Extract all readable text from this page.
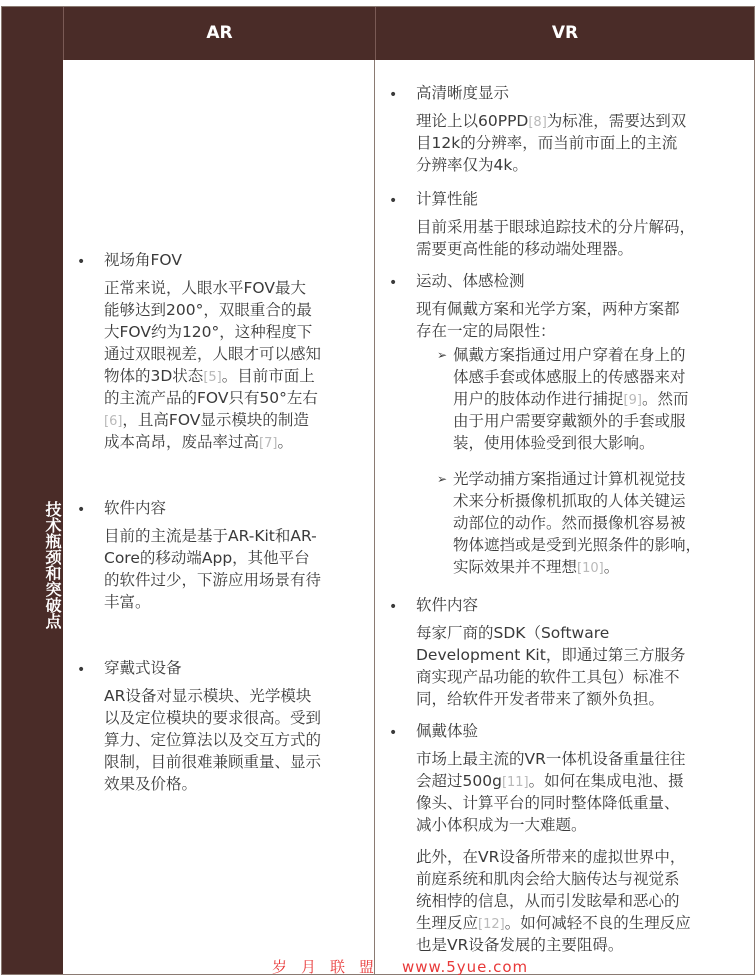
AR	VR
技术瓶颈和突破点
• 视场角FOV
正常来说，人眼水平FOV最大
能够达到200°，双眼重合的最
大FOV约为120°，这种程度下
通过双眼视差，人眼才可以感知
物体的3D状态[5]。目前市面上
的主流产品的FOV只有50°左右
[6]，且高FOV显示模块的制造
成本高昂，废品率过高[7]。
• 软件内容
目前的主流是基于AR-Kit和AR-
Core的移动端App，其他平台
的软件过少，下游应用场景有待
丰富。
• 穿戴式设备
AR设备对显示模块、光学模块
以及定位模块的要求很高。受到
算力、定位算法以及交互方式的
限制，目前很难兼顾重量、显示
效果及价格。
• 高清晰度显示
理论上以60PPD[8]为标准，需要达到双
目12k的分辨率，而当前市面上的主流
分辨率仅为4k。
• 计算性能
目前采用基于眼球追踪技术的分片解码，
需要更高性能的移动端处理器。
• 运动、体感检测
现有佩戴方案和光学方案，两种方案都
存在一定的局限性：
➢ 佩戴方案指通过用户穿着在身上的
体感手套或体感服上的传感器来对
用户的肢体动作进行捕捉[9]。然而
由于用户需要穿戴额外的手套或服
装，使用体验受到很大影响。
➢ 光学动捕方案指通过计算机视觉技
术来分析摄像机抓取的人体关键运
动部位的动作。然而摄像机容易被
物体遮挡或是受到光照条件的影响，
实际效果并不理想[10]。
• 软件内容
每家厂商的SDK（Software
Development Kit，即通过第三方服务
商实现产品功能的软件工具包）标准不
同，给软件开发者带来了额外负担。
• 佩戴体验
市场上最主流的VR一体机设备重量往往
会超过500g[11]。如何在集成电池、摄
像头、计算平台的同时整体降低重量、
减小体积成为一大难题。
此外，在VR设备所带来的虚拟世界中，
前庭系统和肌肉会给大脑传达与视觉系
统相悖的信息，从而引发眩晕和恶心的
生理反应[12]。如何减轻不良的生理反应
也是VR设备发展的主要阻碍。
岁月联盟 www.5yue.com
